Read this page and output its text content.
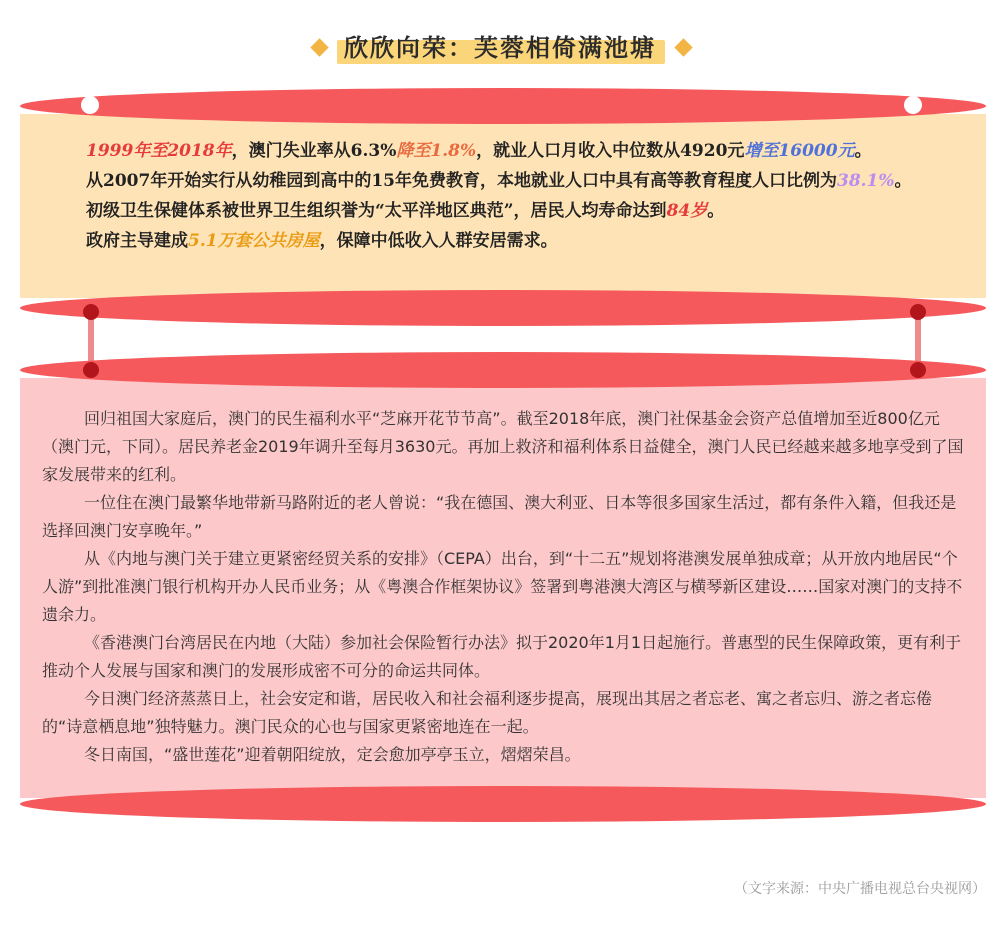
欣欣向荣：芙蓉相倚满池塘

1999年至2018年，澳门失业率从6.3%降至1.8%，就业人口月收入中位数从4920元增至16000元。

从2007年开始实行从幼稚园到高中的15年免费教育，本地就业人口中具有高等教育程度人口比例为38.1%。

初级卫生保健体系被世界卫生组织誉为“太平洋地区典范”，居民人均寿命达到84岁。

政府主导建成5.1万套公共房屋，保障中低收入人群安居需求。

回归祖国大家庭后，澳门的民生福利水平“芝麻开花节节高”。截至2018年底，澳门社保基金会资产总值增加至近800亿元（澳门元，下同）。居民养老金2019年调升至每月3630元。再加上救济和福利体系日益健全，澳门人民已经越来越多地享受到了国家发展带来的红利。

一位住在澳门最繁华地带新马路附近的老人曾说：“我在德国、澳大利亚、日本等很多国家生活过，都有条件入籍，但我还是选择回澳门安享晚年。”

从《内地与澳门关于建立更紧密经贸关系的安排》（CEPA）出台，到“十二五”规划将港澳发展单独成章；从开放内地居民“个人游”到批准澳门银行机构开办人民币业务；从《粤澳合作框架协议》签署到粤港澳大湾区与横琴新区建设……国家对澳门的支持不遗余力。

《香港澳门台湾居民在内地（大陆）参加社会保险暂行办法》拟于2020年1月1日起施行。普惠型的民生保障政策，更有利于推动个人发展与国家和澳门的发展形成密不可分的命运共同体。

今日澳门经济蒸蒸日上，社会安定和谐，居民收入和社会福利逐步提高，展现出其居之者忘老、寓之者忘归、游之者忘倦的“诗意栖息地”独特魅力。澳门民众的心也与国家更紧密地连在一起。

冬日南国，“盛世莲花”迎着朝阳绽放，定会愈加亭亭玉立，熠熠荣昌。

（文字来源：中央广播电视总台央视网）
